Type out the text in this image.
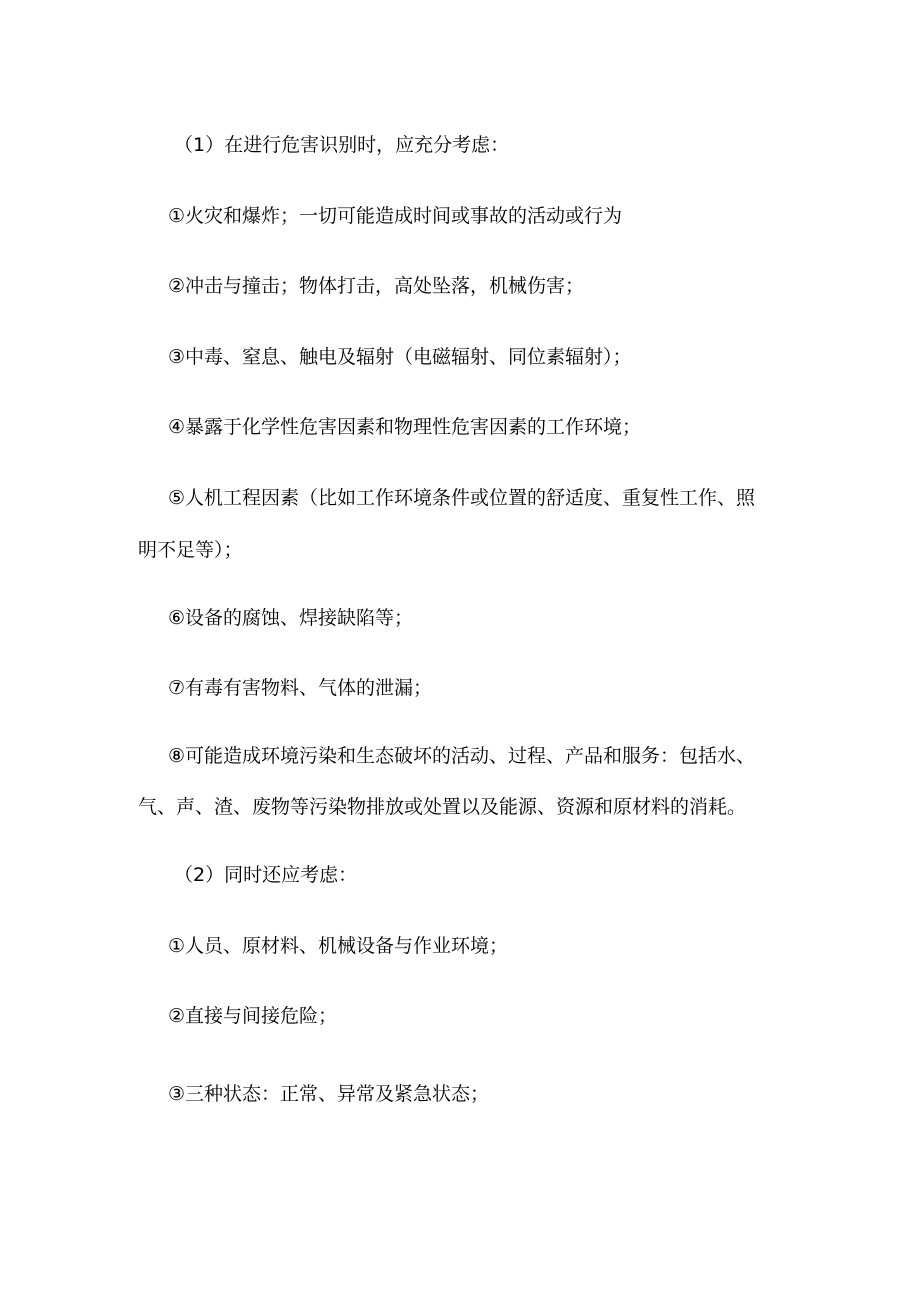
（1）在进行危害识别时，应充分考虑：

①火灾和爆炸；一切可能造成时间或事故的活动或行为

②冲击与撞击；物体打击，高处坠落，机械伤害；

③中毒、窒息、触电及辐射（电磁辐射、同位素辐射）；

④暴露于化学性危害因素和物理性危害因素的工作环境；

⑤人机工程因素（比如工作环境条件或位置的舒适度、重复性工作、照

明不足等）；

⑥设备的腐蚀、焊接缺陷等；

⑦有毒有害物料、气体的泄漏；

⑧可能造成环境污染和生态破坏的活动、过程、产品和服务：包括水、

气、声、渣、废物等污染物排放或处置以及能源、资源和原材料的消耗。

（2）同时还应考虑：

①人员、原材料、机械设备与作业环境；

②直接与间接危险；

③三种状态：正常、异常及紧急状态；
